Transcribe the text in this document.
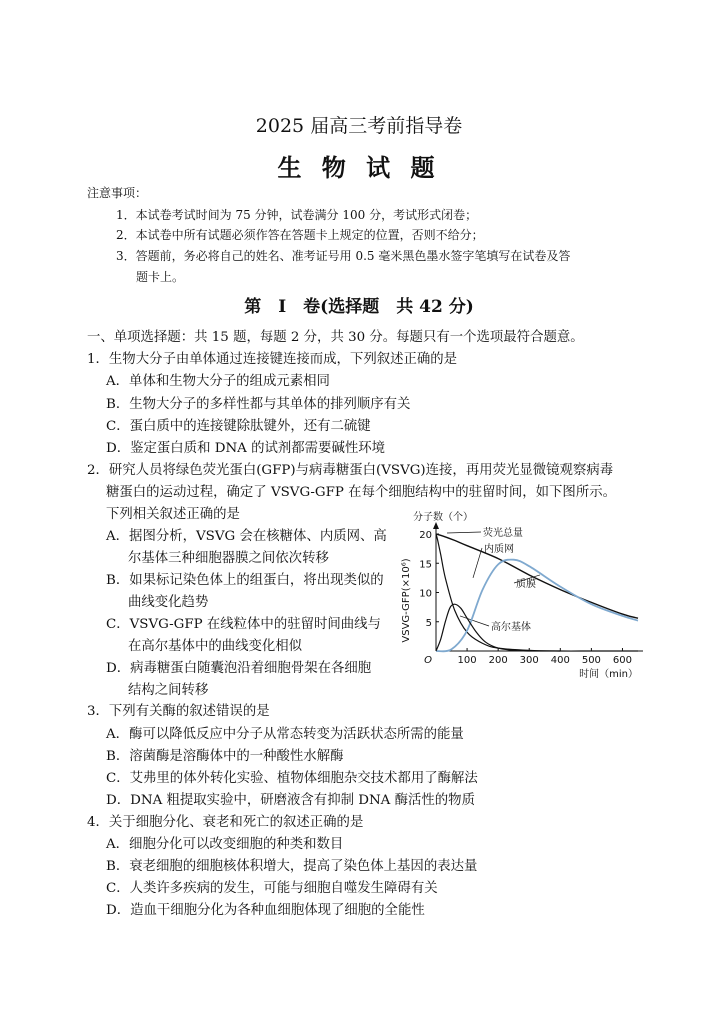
2025 届高三考前指导卷
生 物 试 题
注意事项：
1．本试卷考试时间为 75 分钟，试卷满分 100 分，考试形式闭卷；
2．本试卷中所有试题必须作答在答题卡上规定的位置，否则不给分；
3．答题前，务必将自己的姓名、准考证号用 0.5 毫米黑色墨水签字笔填写在试卷及答
题卡上。
第　I　卷(选择题　共 42 分)
一、单项选择题：共 15 题，每题 2 分，共 30 分。每题只有一个选项最符合题意。
1．生物大分子由单体通过连接键连接而成，下列叙述正确的是
A．单体和生物大分子的组成元素相同
B．生物大分子的多样性都与其单体的排列顺序有关
C．蛋白质中的连接键除肽键外，还有二硫键
D．鉴定蛋白质和 DNA 的试剂都需要碱性环境
2．研究人员将绿色荧光蛋白(GFP)与病毒糖蛋白(VSVG)连接，再用荧光显微镜观察病毒
糖蛋白的运动过程，确定了 VSVG-GFP 在每个细胞结构中的驻留时间，如下图所示。
下列相关叙述正确的是
A．据图分析，VSVG 会在核糖体、内质网、高
尔基体三种细胞器膜之间依次转移
B．如果标记染色体上的组蛋白，将出现类似的
曲线变化趋势
C．VSVG-GFP 在线粒体中的驻留时间曲线与
在高尔基体中的曲线变化相似
D．病毒糖蛋白随囊泡沿着细胞骨架在各细胞
结构之间转移
100 200 300 400 500 600
5
10
15
20
O
分子数（个）
时间（min）
VSVG-GFP(×10⁶)
荧光总量
内质网
质膜
高尔基体
3．下列有关酶的叙述错误的是
A．酶可以降低反应中分子从常态转变为活跃状态所需的能量
B．溶菌酶是溶酶体中的一种酸性水解酶
C．艾弗里的体外转化实验、植物体细胞杂交技术都用了酶解法
D．DNA 粗提取实验中，研磨液含有抑制 DNA 酶活性的物质
4．关于细胞分化、衰老和死亡的叙述正确的是
A．细胞分化可以改变细胞的种类和数目
B．衰老细胞的细胞核体积增大，提高了染色体上基因的表达量
C．人类许多疾病的发生，可能与细胞自噬发生障碍有关
D．造血干细胞分化为各种血细胞体现了细胞的全能性
